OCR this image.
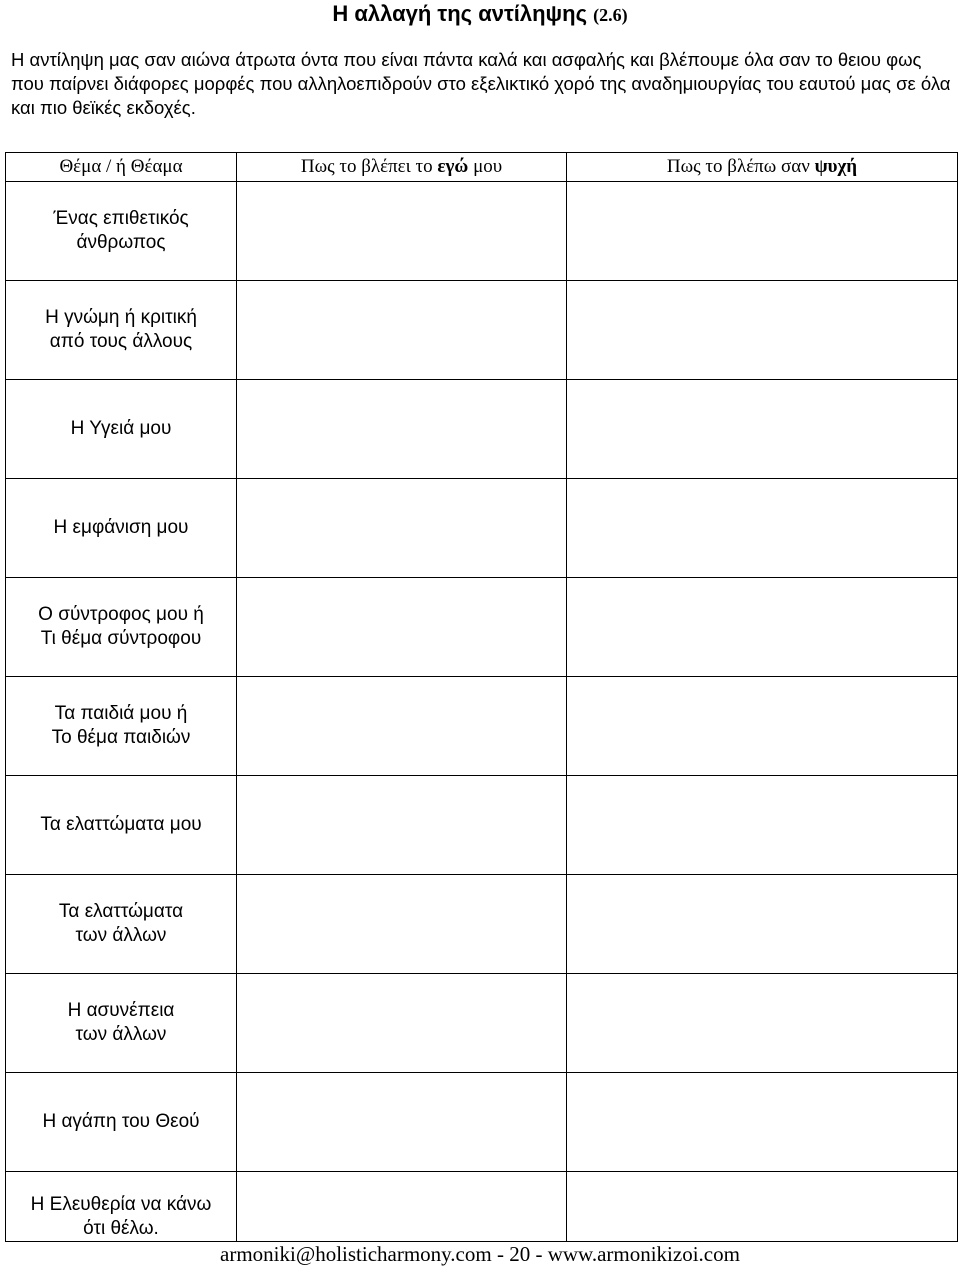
Η αλλαγή της αντίληψης (2.6)

Η αντίληψη μας σαν αιώνα άτρωτα όντα που είναι πάντα καλά και ασφαλής και βλέπουμε όλα σαν το θειου φως που παίρνει διάφορες μορφές που αλληλοεπιδρούν στο εξελικτικό χορό της αναδημιουργίας του εαυτού μας σε όλα και πιο θεϊκές εκδοχές.

Θέμα / ή Θέαμα	Πως το βλέπει το εγώ μου	Πως το βλέπω σαν ψυχή

Ένας επιθετικός
άνθρωπος		

Η γνώμη ή κριτική
από τους άλλους		

Η Υγειά μου		

Η εμφάνιση μου		

Ο σύντροφος μου ή
Τι θέμα σύντροφου		

Τα παιδιά μου ή
Το θέμα παιδιών		

Τα ελαττώματα μου		

Τα ελαττώματα
των άλλων		

Η ασυνέπεια
των άλλων		

Η αγάπη του Θεού		

Η Ελευθερία να κάνω
ότι θέλω.		

armoniki@holisticharmony.com - 20 - www.armonikizoi.com
